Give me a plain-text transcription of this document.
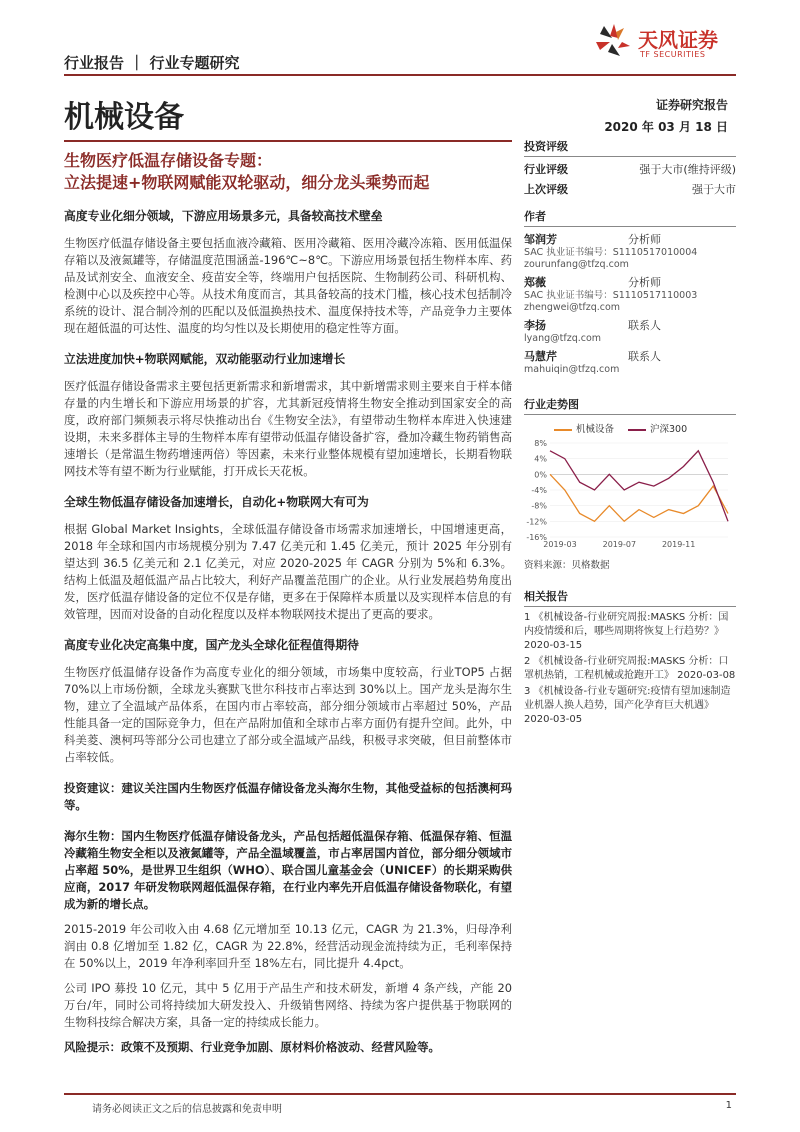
行业报告 ｜ 行业专题研究
天风证券
TF SECURITIES
机械设备	证券研究报告
2020 年 03 月 18 日
生物医疗低温存储设备专题：
立法提速+物联网赋能双轮驱动，细分龙头乘势而起
高度专业化细分领域，下游应用场景多元，具备较高技术壁垒

生物医疗低温存储设备主要包括血液冷藏箱、医用冷藏箱、医用冷藏冷冻箱、医用低温保存箱以及液氮罐等，存储温度范围涵盖-196℃~8℃。下游应用场景包括生物样本库、药品及试剂安全、血液安全、疫苗安全等，终端用户包括医院、生物制药公司、科研机构、检测中心以及疾控中心等。从技术角度而言，其具备较高的技术门槛，核心技术包括制冷系统的设计、混合制冷剂的匹配以及低温换热技术、温度保持技术等，产品竞争力主要体现在超低温的可达性、温度的均匀性以及长期使用的稳定性等方面。

立法进度加快+物联网赋能，双动能驱动行业加速增长

医疗低温存储设备需求主要包括更新需求和新增需求，其中新增需求则主要来自于样本储存量的内生增长和下游应用场景的扩容，尤其新冠疫情将生物安全推动到国家安全的高度，政府部门频频表示将尽快推动出台《生物安全法》，有望带动生物样本库进入快速建设期，未来多群体主导的生物样本库有望带动低温存储设备扩容，叠加冷藏生物药销售高速增长（是常温生物药增速两倍）等因素，未来行业整体规模有望加速增长，长期看物联网技术等有望不断为行业赋能，打开成长天花板。

全球生物低温存储设备加速增长，自动化+物联网大有可为

根据 Global Market Insights，全球低温存储设备市场需求加速增长，中国增速更高，2018 年全球和国内市场规模分别为 7.47 亿美元和 1.45 亿美元，预计 2025 年分别有望达到 36.5 亿美元和 2.1 亿美元，对应 2020-2025 年 CAGR 分别为 5%和 6.3%。结构上低温及超低温产品占比较大，利好产品覆盖范围广的企业。从行业发展趋势角度出发，医疗低温存储设备的定位不仅是存储，更多在于保障样本质量以及实现样本信息的有效管理，因而对设备的自动化程度以及样本物联网技术提出了更高的要求。

高度专业化决定高集中度，国产龙头全球化征程值得期待

生物医疗低温储存设备作为高度专业化的细分领域，市场集中度较高，行业TOP5 占据 70%以上市场份额，全球龙头赛默飞世尔科技市占率达到 30%以上。国产龙头是海尔生物，建立了全温域产品体系，在国内市占率较高，部分细分领域市占率超过 50%，产品性能具备一定的国际竞争力，但在产品附加值和全球市占率方面仍有提升空间。此外，中科美菱、澳柯玛等部分公司也建立了部分或全温域产品线，积极寻求突破，但目前整体市占率较低。

投资建议：建议关注国内生物医疗低温存储设备龙头海尔生物，其他受益标的包括澳柯玛等。

海尔生物：国内生物医疗低温存储设备龙头，产品包括超低温保存箱、低温保存箱、恒温冷藏箱生物安全柜以及液氮罐等，产品全温域覆盖，市占率居国内首位，部分细分领域市占率超 50%，是世界卫生组织（WHO）、联合国儿童基金会（UNICEF）的长期采购供应商，2017 年研发物联网超低温保存箱，在行业内率先开启低温存储设备物联化，有望成为新的增长点。

2015-2019 年公司收入由 4.68 亿元增加至 10.13 亿元，CAGR 为 21.3%，归母净利润由 0.8 亿增加至 1.82 亿，CAGR 为 22.8%，经营活动现金流持续为正，毛利率保持在 50%以上，2019 年净利率回升至 18%左右，同比提升 4.4pct。

公司 IPO 募投 10 亿元，其中 5 亿用于产品生产和技术研发，新增 4 条产线，产能 20 万台/年，同时公司将持续加大研发投入、升级销售网络、持续为客户提供基于物联网的生物科技综合解决方案，具备一定的持续成长能力。

风险提示：政策不及预期、行业竞争加剧、原材料价格波动、经营风险等。

投资评级
行业评级	强于大市(维持评级)
上次评级	强于大市
作者
邹润芳	分析师
SAC 执业证书编号：S1110517010004
zourunfang@tfzq.com
郑薇	分析师
SAC 执业证书编号：S1110517110003
zhengwei@tfzq.com
李扬	联系人
lyang@tfzq.com
马慧芹	联系人
mahuiqin@tfzq.com
行业走势图
机械设备	沪深300
8%
4%
0%
-4%
-8%
-12%
-16%
2019-03	2019-07	2019-11
资料来源：贝格数据
相关报告
1 《机械设备-行业研究周报:MASKS 分析：国内疫情缓和后，哪些周期将恢复上行趋势？》 2020-03-15
2 《机械设备-行业研究周报:MASKS 分析：口罩机热销，工程机械或抢跑开工》 2020-03-08
3 《机械设备-行业专题研究:疫情有望加速制造业机器人换人趋势，国产化孕育巨大机遇》 2020-03-05
请务必阅读正文之后的信息披露和免责申明	1
